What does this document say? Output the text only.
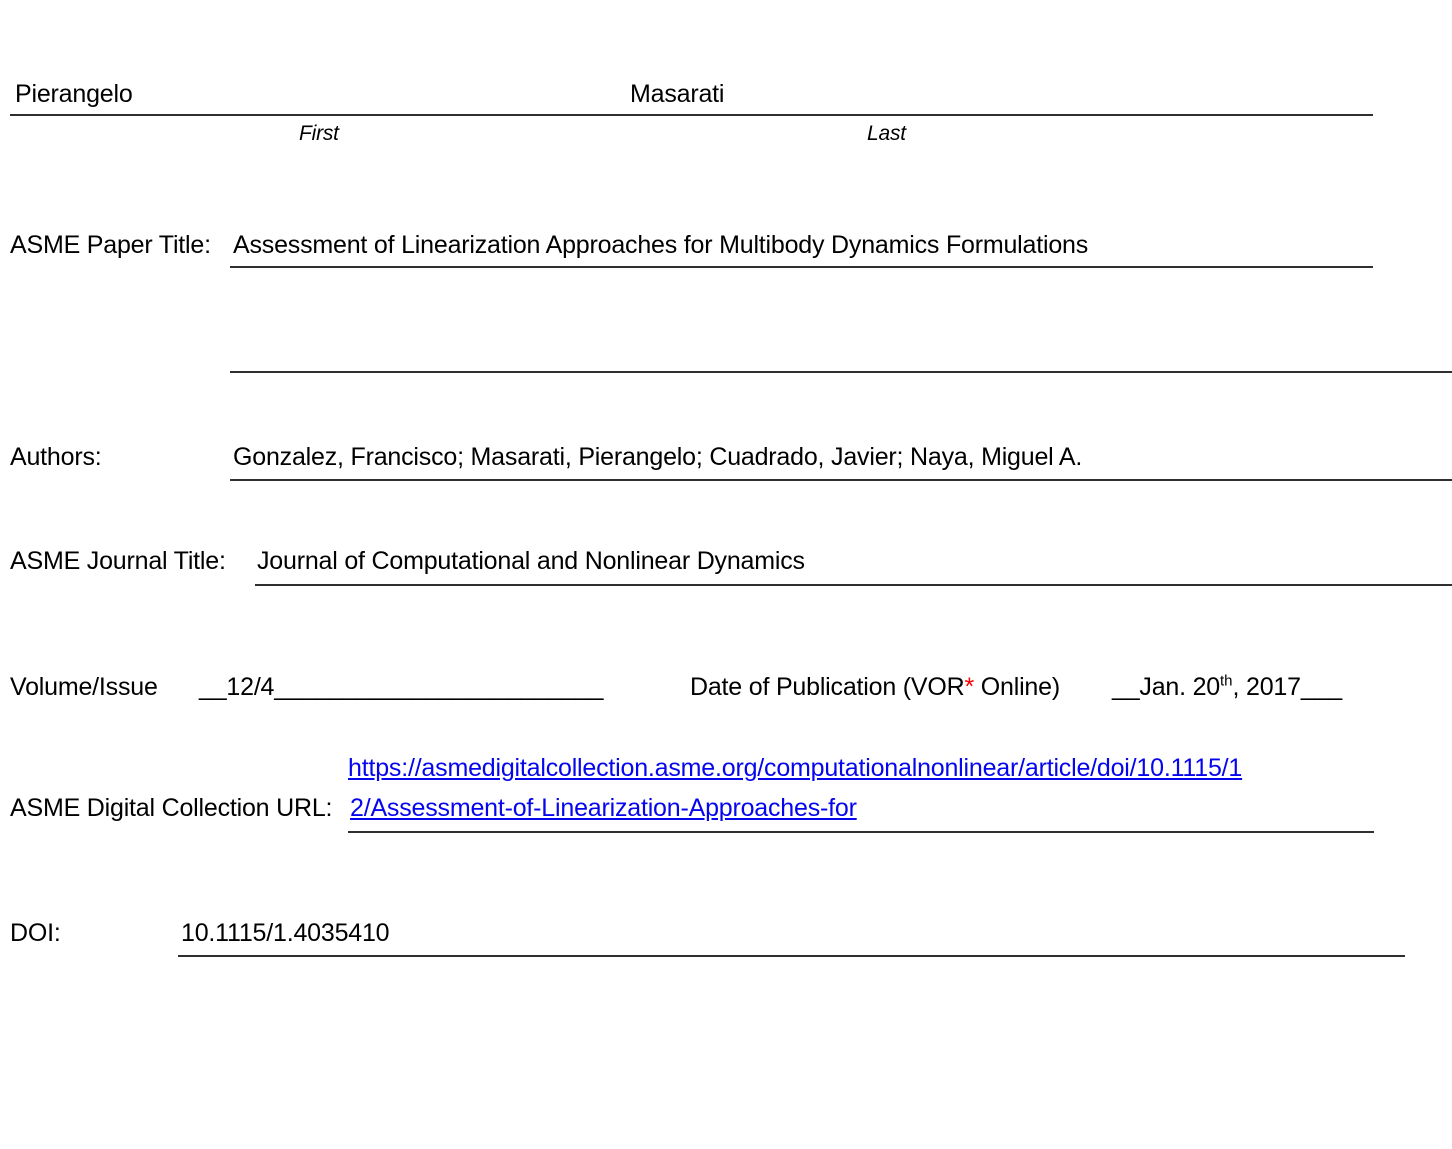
Pierangelo	Masarati
First	Last
ASME Paper Title: Assessment of Linearization Approaches for Multibody Dynamics Formulations
Authors:	Gonzalez, Francisco; Masarati, Pierangelo; Cuadrado, Javier; Naya, Miguel A.
ASME Journal Title: Journal of Computational and Nonlinear Dynamics
Volume/Issue __12/4________________________	Date of Publication (VOR* Online) __Jan. 20th, 2017___
https://asmedigitalcollection.asme.org/computationalnonlinear/article/doi/10.1115/1
ASME Digital Collection URL: 2/Assessment-of-Linearization-Approaches-for
DOI:	10.1115/1.4035410
